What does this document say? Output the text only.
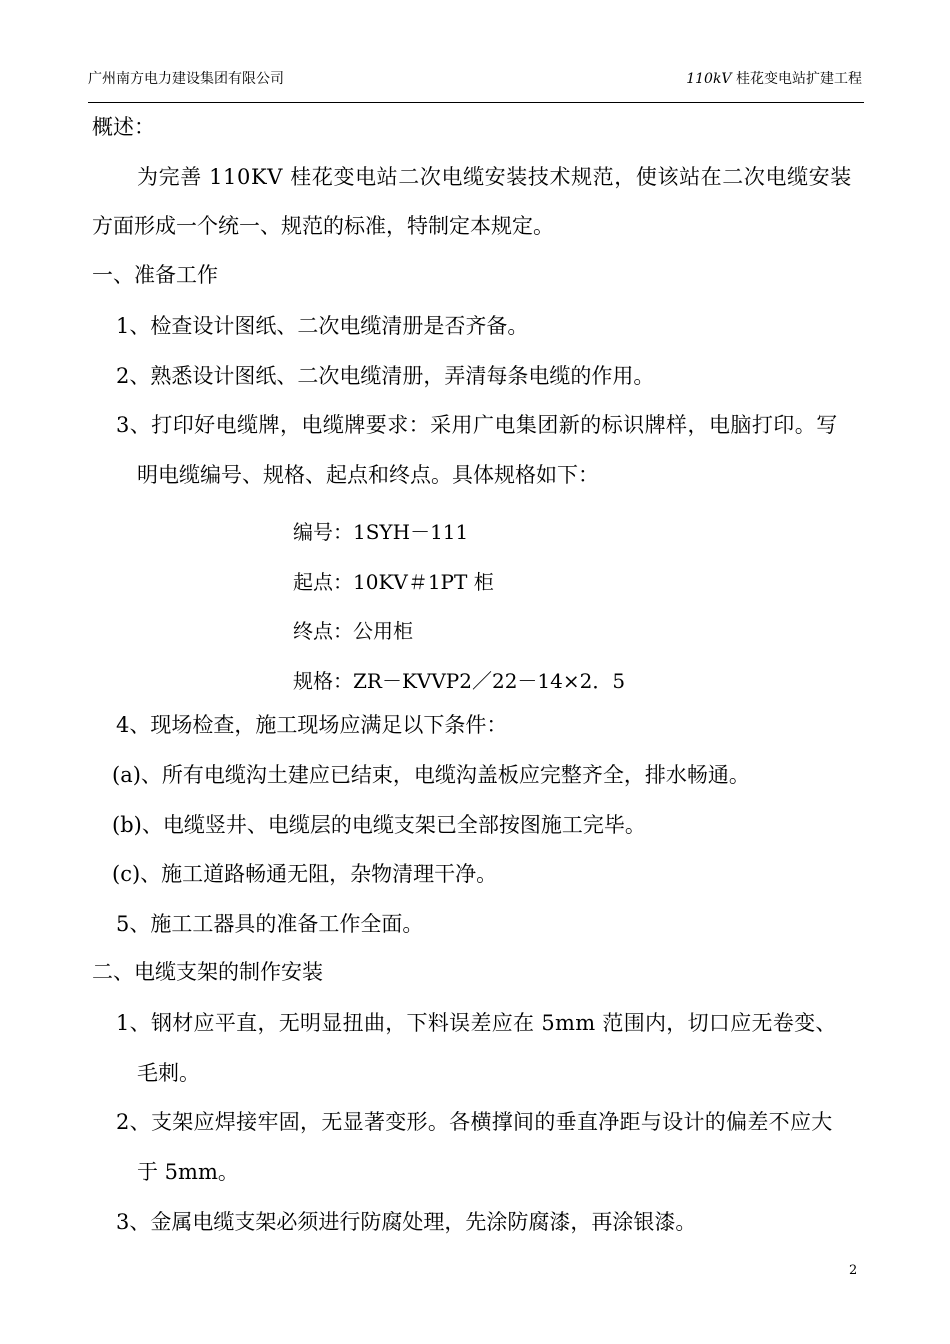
广州南方电力建设集团有限公司	110kV 桂花变电站扩建工程
概述：
为完善 110KV 桂花变电站二次电缆安装技术规范，使该站在二次电缆安装
方面形成一个统一、规范的标准，特制定本规定。
一、准备工作
1、检查设计图纸、二次电缆清册是否齐备。
2、熟悉设计图纸、二次电缆清册，弄清每条电缆的作用。
3、打印好电缆牌，电缆牌要求：采用广电集团新的标识牌样，电脑打印。写
明电缆编号、规格、起点和终点。具体规格如下：
编号：1SYH－111
起点：10KV＃1PT 柜
终点：公用柜
规格：ZR－KVVP2／22－14×2．5
4、现场检查，施工现场应满足以下条件：
(a)、所有电缆沟土建应已结束，电缆沟盖板应完整齐全，排水畅通。
(b)、电缆竖井、电缆层的电缆支架已全部按图施工完毕。
(c)、施工道路畅通无阻，杂物清理干净。
5、施工工器具的准备工作全面。
二、电缆支架的制作安装
1、钢材应平直，无明显扭曲，下料误差应在 5mm 范围内，切口应无卷变、
毛刺。
2、支架应焊接牢固，无显著变形。各横撑间的垂直净距与设计的偏差不应大
于 5mm。
3、金属电缆支架必须进行防腐处理，先涂防腐漆，再涂银漆。
2
